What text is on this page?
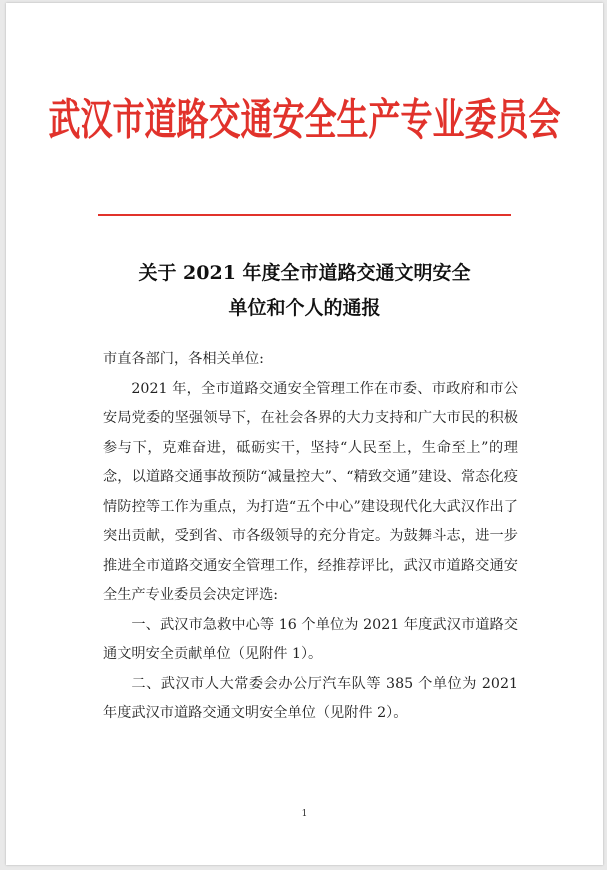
武汉市道路交通安全生产专业委员会
关于 2021 年度全市道路交通文明安全
单位和个人的通报

市直各部门，各相关单位:

2021 年，全市道路交通安全管理工作在市委、市政府和市公安局党委的坚强领导下，在社会各界的大力支持和广大市民的积极参与下，克难奋进，砥砺实干，坚持“人民至上，生命至上”的理念，以道路交通事故预防“减量控大”、“精致交通”建设、常态化疫情防控等工作为重点，为打造“五个中心”建设现代化大武汉作出了突出贡献，受到省、市各级领导的充分肯定。为鼓舞斗志，进一步推进全市道路交通安全管理工作，经推荐评比，武汉市道路交通安全生产专业委员会决定评选:

一、武汉市急救中心等 16 个单位为 2021 年度武汉市道路交通文明安全贡献单位（见附件 1）。

二、武汉市人大常委会办公厅汽车队等 385 个单位为 2021 年度武汉市道路交通文明安全单位（见附件 2）。

1
